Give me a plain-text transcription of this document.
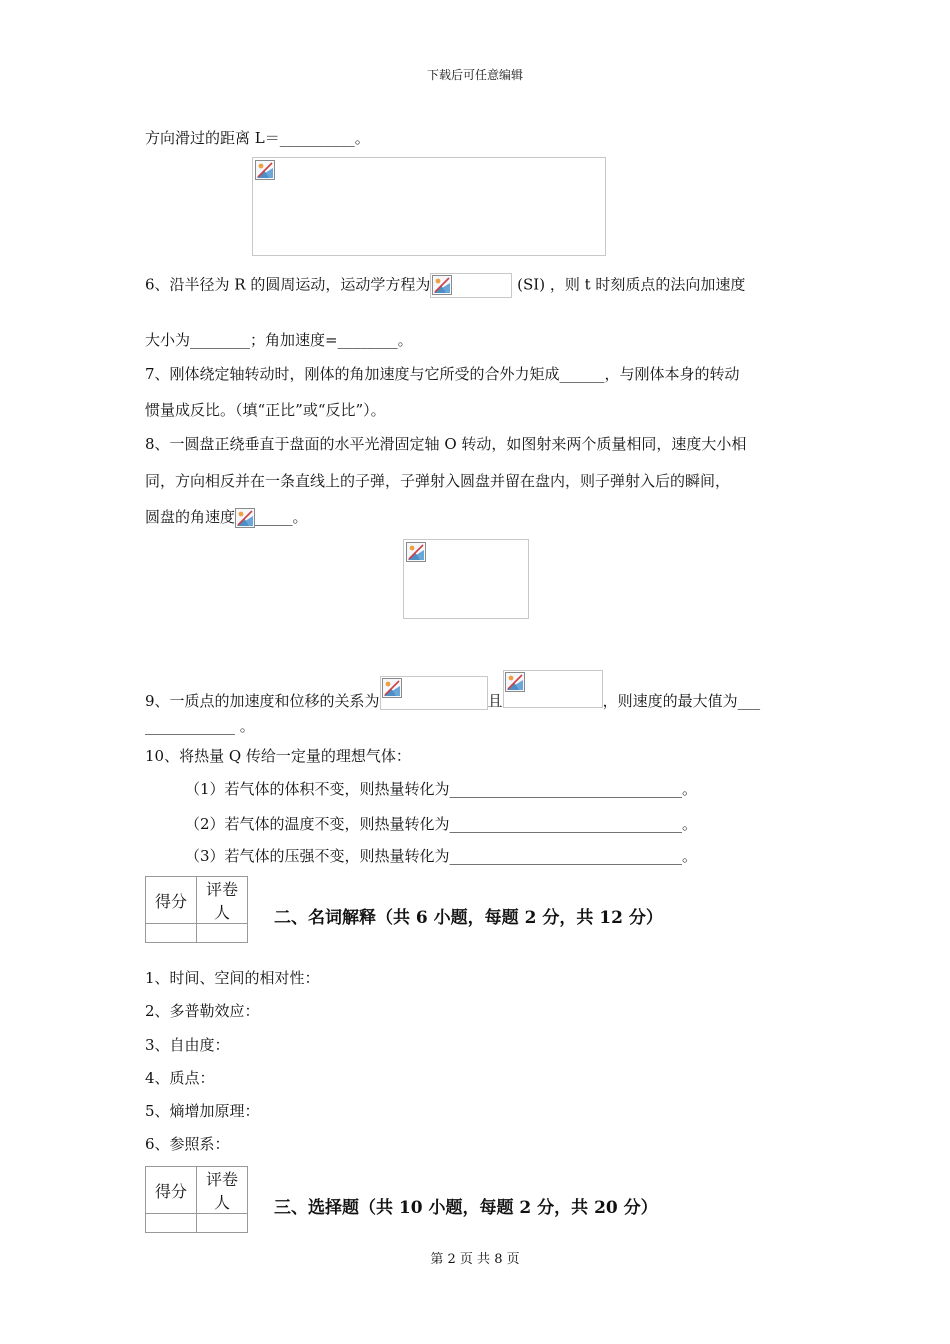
下载后可任意编辑
方向滑过的距离 L＝__________。
6、沿半径为 R 的圆周运动，运动学方程为	(SI) ，则 t 时刻质点的法向加速度
大小为________；角加速度=________。
7、刚体绕定轴转动时，刚体的角加速度与它所受的合外力矩成______，与刚体本身的转动
惯量成反比。（填“正比”或“反比”）。
8、一圆盘正绕垂直于盘面的水平光滑固定轴 O 转动，如图射来两个质量相同，速度大小相
同，方向相反并在一条直线上的子弹，子弹射入圆盘并留在盘内，则子弹射入后的瞬间，
圆盘的角速度 _____。
9、一质点的加速度和位移的关系为	且	，则速度的最大值为___
____________ 。
10、将热量 Q 传给一定量的理想气体：
（1）若气体的体积不变，则热量转化为_______________________________。
（2）若气体的温度不变，则热量转化为_______________________________。
（3）若气体的压强不变，则热量转化为_______________________________。
得分	评卷人
		二、名词解释（共 6 小题，每题 2 分，共 12 分）
1、时间、空间的相对性：
2、多普勒效应：
3、自由度：
4、质点：
5、熵增加原理：
6、参照系：
得分	评卷人
		三、选择题（共 10 小题，每题 2 分，共 20 分）
第 2 页 共 8 页
